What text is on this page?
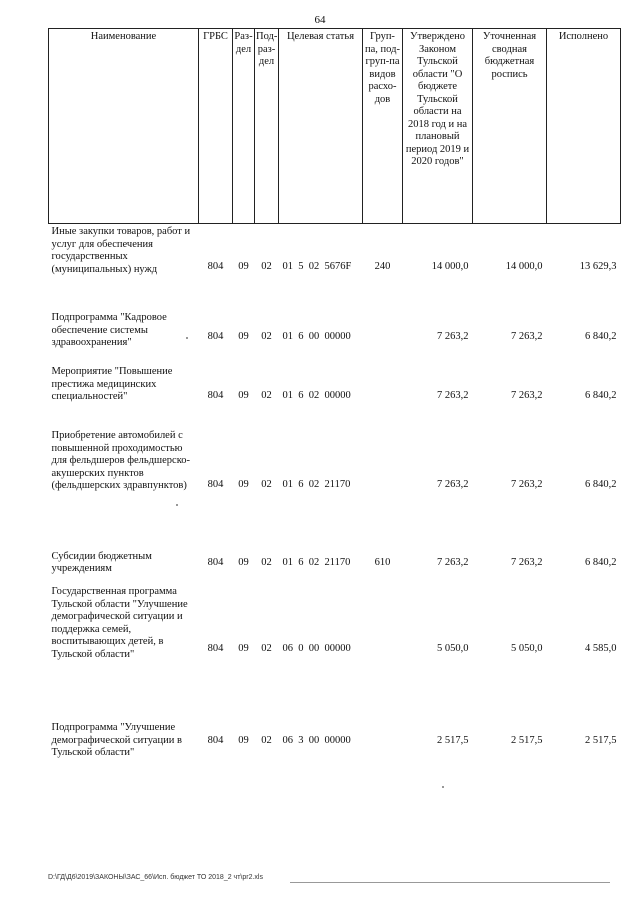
64
Наименование	ГРБС	Раз-дел	Под-раз-дел	Целевая статья	Груп-па, под-груп-па видов расхо-дов	Утверждено Законом Тульской области "О бюджете Тульской области на 2018 год и на плановый период 2019 и 2020 годов"	Уточненная сводная бюджетная роспись	Исполнено
Иные закупки товаров, работ и услуг для обеспечения государственных (муниципальных) нужд	804	09	02	01  5  02  5676F	240	14 000,0	14 000,0	13 629,3
Подпрограмма "Кадровое обеспечение системы здравоохранения"	804	09	02	01  6  00  00000		7 263,2	7 263,2	6 840,2
Мероприятие "Повышение престижа медицинских специальностей"	804	09	02	01  6  02  00000		7 263,2	7 263,2	6 840,2
Приобретение автомобилей с повышенной проходимостью для фельдшеров фельдшерско-акушерских пунктов (фельдшерских здравпунктов)	804	09	02	01  6  02  21170		7 263,2	7 263,2	6 840,2
Субсидии бюджетным учреждениям	804	09	02	01  6  02  21170	610	7 263,2	7 263,2	6 840,2
Государственная программа Тульской области "Улучшение демографической ситуации и поддержка семей, воспитывающих детей, в Тульской области"	804	09	02	06  0  00  00000		5 050,0	5 050,0	4 585,0
Подпрограмма "Улучшение демографической ситуации в Тульской области"	804	09	02	06  3  00  00000		2 517,5	2 517,5	2 517,5
D:\ГД\Д6\2019\ЗАКОНЫ\ЗАС_66\Исп. бюджет ТО 2018_2 чт\pr2.xls
